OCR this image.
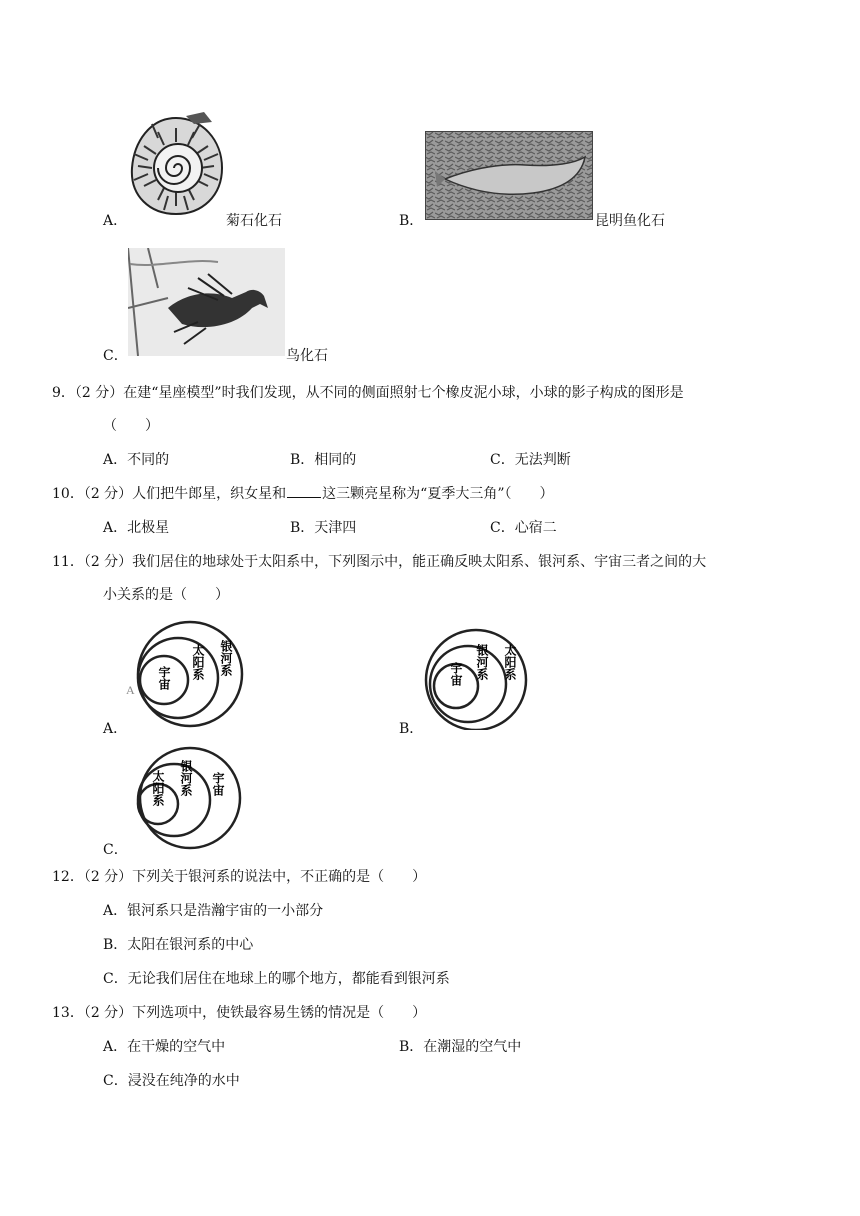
A．	菊石化石	B．	昆明鱼化石
C．	鸟化石
9．（2 分）在建“星座模型”时我们发现，从不同的侧面照射七个橡皮泥小球，小球的影子构成的图形是
（　　）
A．不同的	B．相同的	C．无法判断
10．（2 分）人们把牛郎星，织女星和	这三颗亮星称为“夏季大三角”（　　）
A．北极星	B．天津四	C．心宿二
11．（2 分）我们居住的地球处于太阳系中，下列图示中，能正确反映太阳系、银河系、宇宙三者之间的大
小关系的是（　　）
A．
A 宇宙 太阳系 银河系
B．
宇宙 银河系 太阳系
C．
太阳系 银河系 宇宙
12．（2 分）下列关于银河系的说法中，不正确的是（　　）
A．银河系只是浩瀚宇宙的一小部分
B．太阳在银河系的中心
C．无论我们居住在地球上的哪个地方，都能看到银河系
13．（2 分）下列选项中，使铁最容易生锈的情况是（　　）
A．在干燥的空气中	B．在潮湿的空气中
C．浸没在纯净的水中
